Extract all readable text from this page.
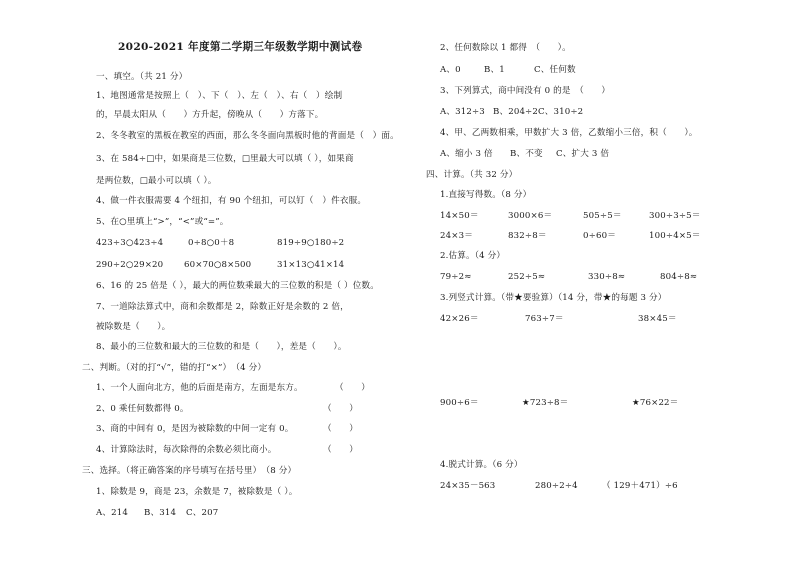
2020-2021 年度第二学期三年级数学期中测试卷
一、填空。（共 21 分）
1、地图通常是按照上（　）、下（　）、左（　）、右（　）绘制
的，早晨太阳从（　　）方升起，傍晚从（　　）方落下。
2、冬冬教室的黑板在教室的西面，那么冬冬面向黑板时他的背面是（　）面。
3、在 584÷□中，如果商是三位数，□里最大可以填（ ），如果商
是两位数，□最小可以填（ ）。
4、做一件衣服需要 4 个纽扣，有 90 个纽扣，可以钉（　）件衣服。
5、在○里填上“>”，“<”或“=”。
423÷3○423÷4	0÷8○0＋8	819÷9○180÷2
290÷2○29×20 60×70○8×500	31×13○41×14
6、16 的 25 倍是（ ），最大的两位数乘最大的三位数的积是（ ）位数。
7、一道除法算式中，商和余数都是 2，除数正好是余数的 2 倍，
被除数是（　　）。
8、最小的三位数和最大的三位数的和是（　　），差是（　　）。
二、判断。（对的打“√”，错的打“×”）　（4 分）
1、一个人面向北方，他的后面是南方，左面是东方。	（　　）
2、0 乘任何数都得 0。	（　　）
3、商的中间有 0，是因为被除数的中间一定有 0。	（　　）
4、计算除法时，每次除得的余数必须比商小。	（　　）
三、选择。（将正确答案的序号填写在括号里）　（8 分）
1、除数是 9，商是 23，余数是 7，被除数是（ ）。
A、214 B、314 C、207
2、任何数除以 1 都得　（　　）。
A、0	B、1	C、任何数
3、下列算式，商中间没有 0 的是　（　　）
A、312÷3 B、204÷2 C、310÷2
4、甲、乙两数相乘，甲数扩大 3 倍，乙数缩小三倍，积（　　）。
A、缩小 3 倍 B、不变 C、扩大 3 倍
四、计算。（共 32 分）
1.直接写得数。（8 分）
14×50＝	3000×6＝	505÷5＝	300÷3÷5＝
24×3＝	832÷8＝	0÷60＝	100÷4×5＝
2.估算。（4 分）
79÷2≈	252÷5≈	330÷8≈	804÷8≈
3.列竖式计算。（带★要验算）（14 分，带★的每题 3 分）
42×26＝	763÷7＝	38×45＝
900÷6＝	★723÷8＝	★76×22＝
4.脱式计算。（6 分）
24×35－563	280÷2÷4	（ 129＋471）÷6
